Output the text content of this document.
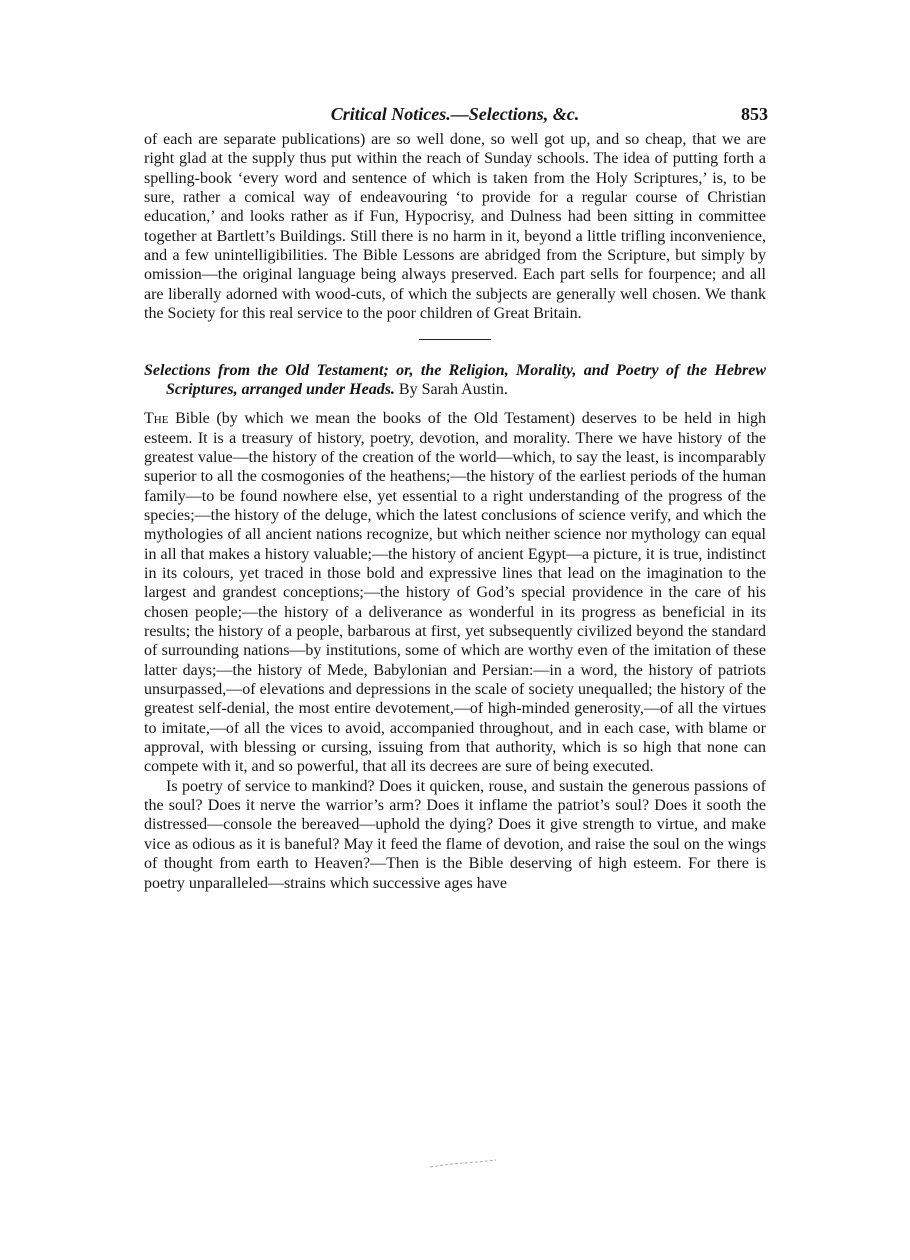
Critical Notices.—Selections, &c.	853

of each are separate publications) are so well done, so well got up, and so cheap, that we are right glad at the supply thus put within the reach of Sunday schools. The idea of putting forth a spelling-book ‘every word and sentence of which is taken from the Holy Scriptures,’ is, to be sure, rather a comical way of endeavouring ‘to provide for a regular course of Christian education,’ and looks rather as if Fun, Hypocrisy, and Dulness had been sitting in committee together at Bartlett’s Buildings. Still there is no harm in it, beyond a little trifling inconvenience, and a few unintelligibilities. The Bible Lessons are abridged from the Scripture, but simply by omission—the original language being always preserved. Each part sells for fourpence; and all are liberally adorned with wood-cuts, of which the subjects are generally well chosen. We thank the Society for this real service to the poor children of Great Britain.

Selections from the Old Testament; or, the Religion, Morality, and Poetry of the Hebrew Scriptures, arranged under Heads. By Sarah Austin.

The Bible (by which we mean the books of the Old Testament) deserves to be held in high esteem. It is a treasury of history, poetry, devotion, and morality. There we have history of the greatest value—the history of the creation of the world—which, to say the least, is incomparably superior to all the cosmogonies of the heathens;—the history of the earliest periods of the human family—to be found nowhere else, yet essential to a right understanding of the progress of the species;—the history of the deluge, which the latest conclusions of science verify, and which the mythologies of all ancient nations recognize, but which neither science nor mythology can equal in all that makes a history valuable;—the history of ancient Egypt—a picture, it is true, indistinct in its colours, yet traced in those bold and expressive lines that lead on the imagination to the largest and grandest conceptions;—the history of God’s special providence in the care of his chosen people;—the history of a deliverance as wonderful in its progress as beneficial in its results; the history of a people, barbarous at first, yet subsequently civilized beyond the standard of surrounding nations—by institutions, some of which are worthy even of the imitation of these latter days;—the history of Mede, Babylonian and Persian:—in a word, the history of patriots unsurpassed,—of elevations and depressions in the scale of society unequalled; the history of the greatest self-denial, the most entire devotement,—of high-minded generosity,—of all the virtues to imitate,—of all the vices to avoid, accompanied throughout, and in each case, with blame or approval, with blessing or cursing, issuing from that authority, which is so high that none can compete with it, and so powerful, that all its decrees are sure of being executed.

Is poetry of service to mankind? Does it quicken, rouse, and sustain the generous passions of the soul? Does it nerve the warrior’s arm? Does it inflame the patriot’s soul? Does it sooth the distressed—console the bereaved—uphold the dying? Does it give strength to virtue, and make vice as odious as it is baneful? May it feed the flame of devotion, and raise the soul on the wings of thought from earth to Heaven?—Then is the Bible deserving of high esteem. For there is poetry unparalleled—strains which successive ages have
